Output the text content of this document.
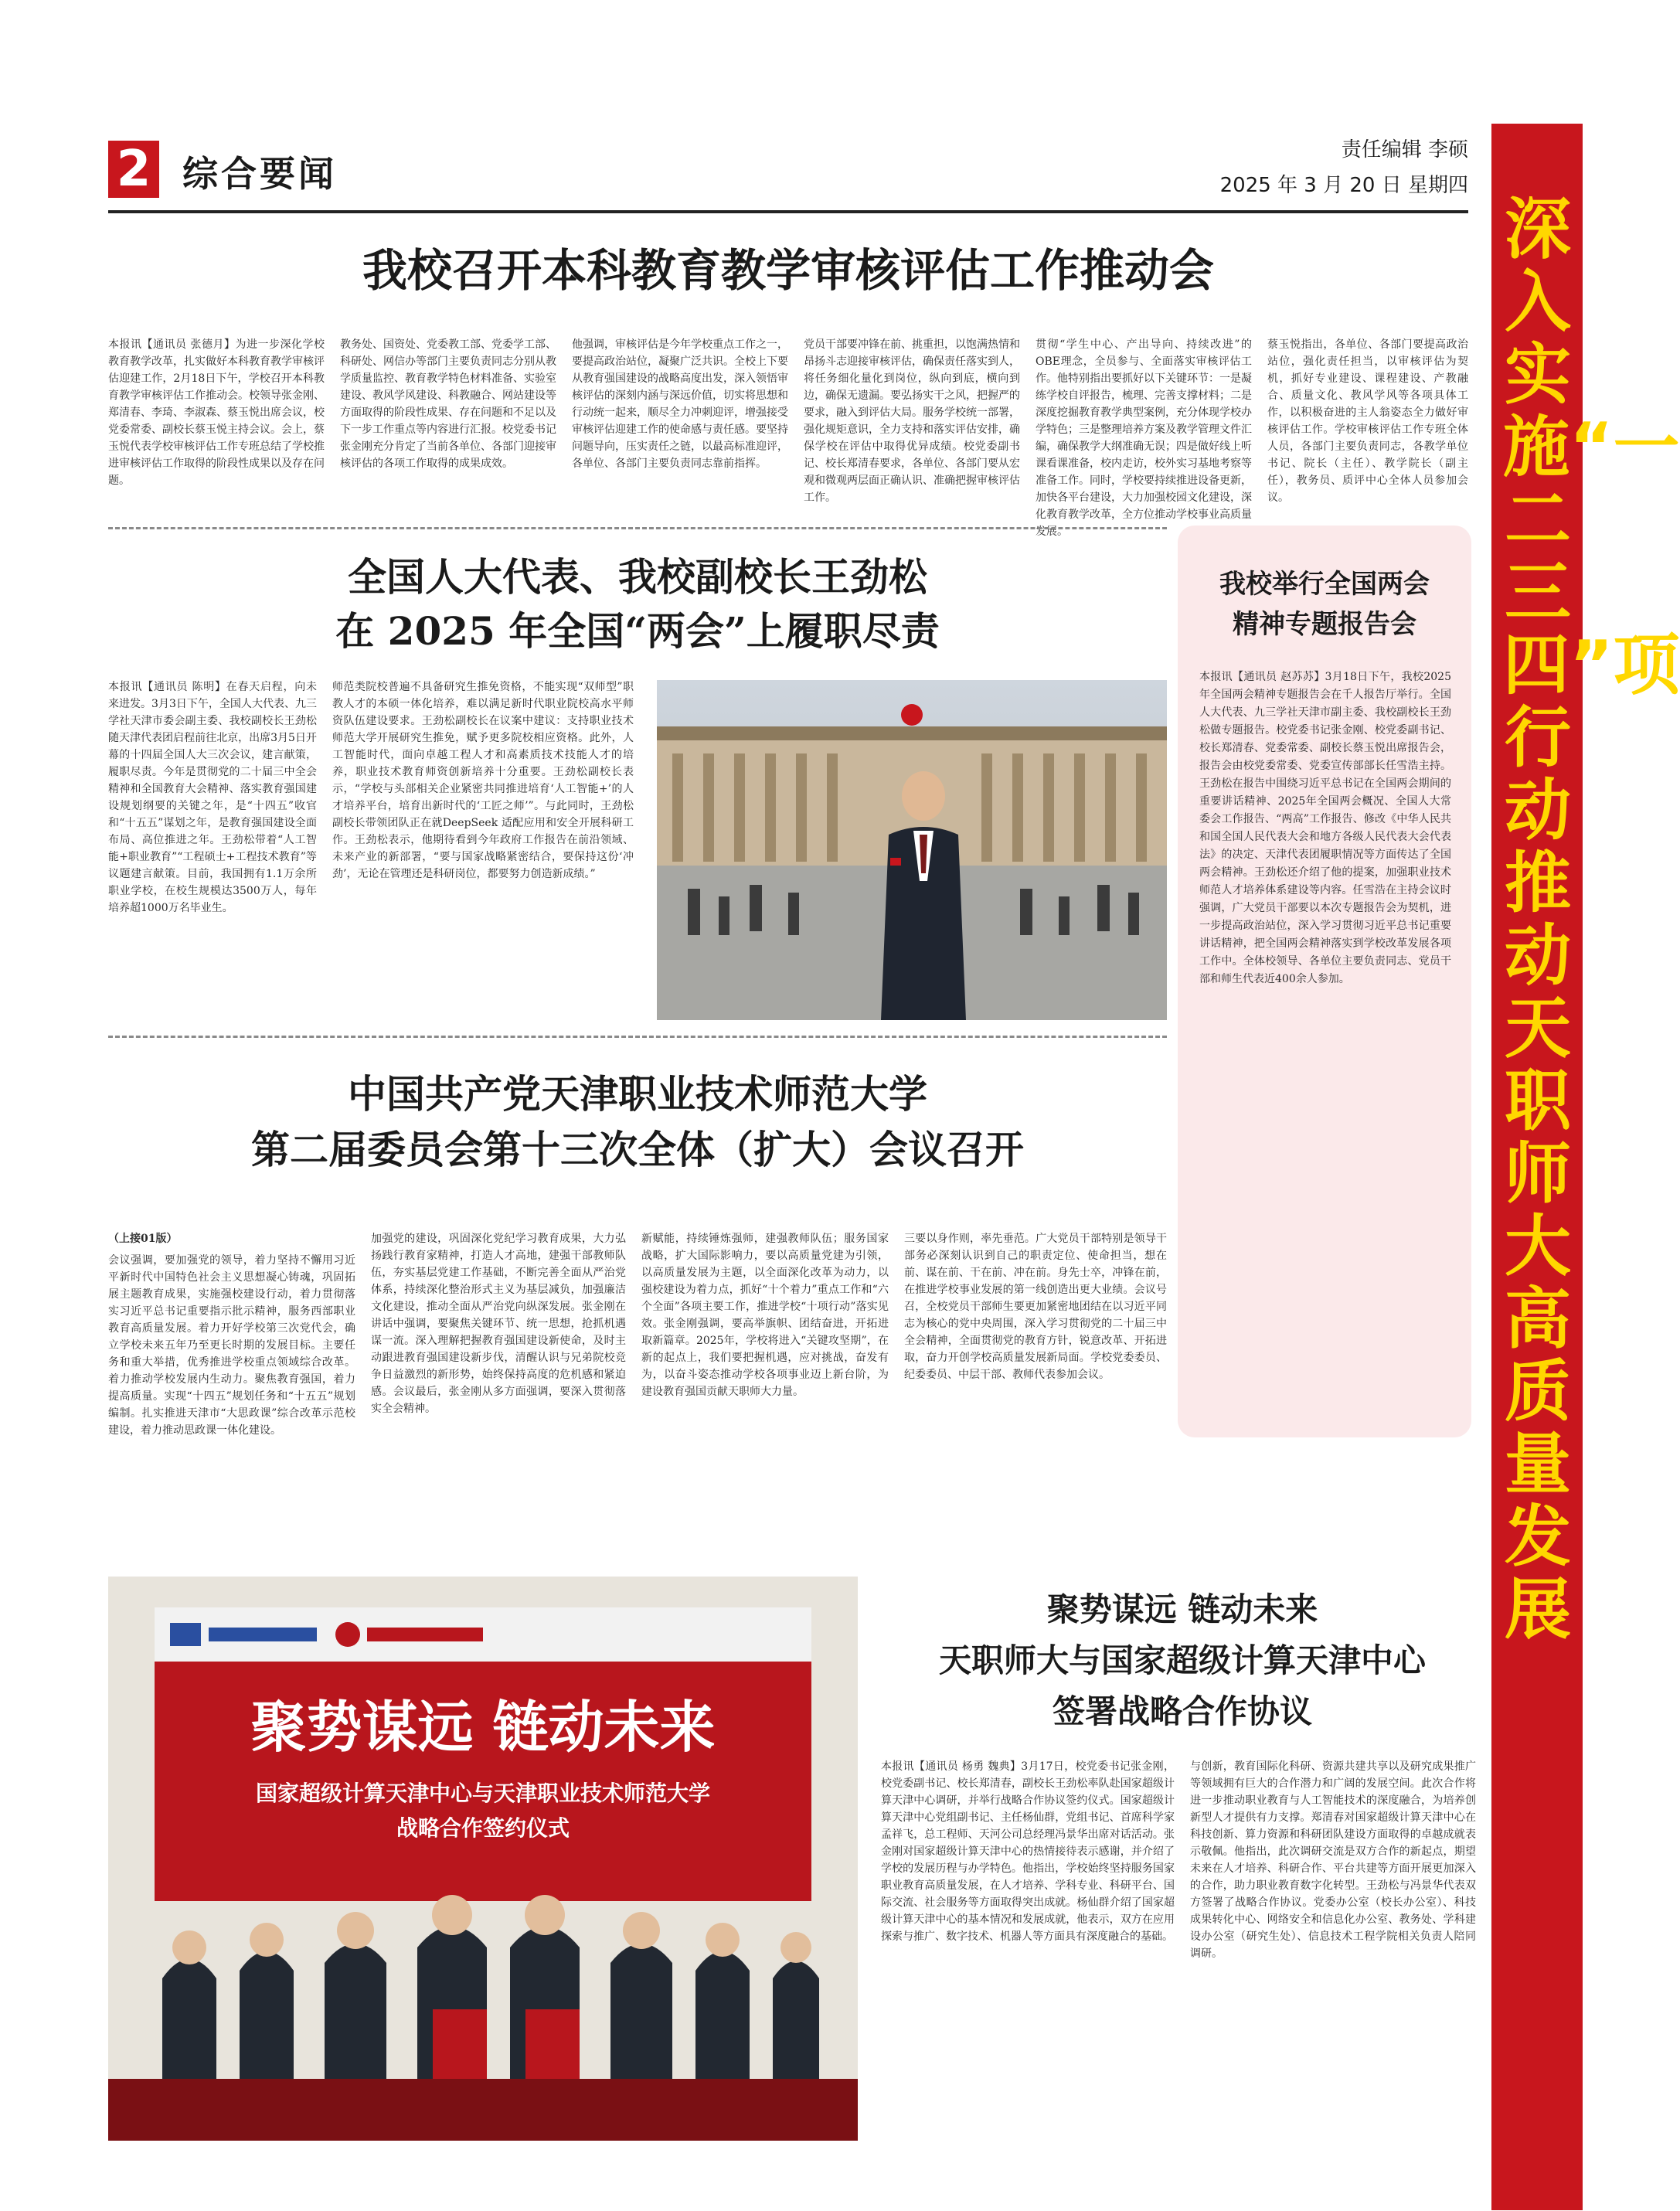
2 综合要闻
责任编辑 李硕
2025 年 3 月 20 日 星期四
深入实施“一二三四”项行动 推动天职师大高质量发展
我校召开本科教育教学审核评估工作推动会
本报讯【通讯员 张德月】为进一步深化学校教育教学改革，扎实做好本科教育教学审核评估迎建工作，2月18日下午，学校召开本科教育教学审核评估工作推动会。校领导张金刚、郑清春、李琦、李淑森、蔡玉悦出席会议，校党委常委、副校长蔡玉悦主持会议。会上，蔡玉悦代表学校审核评估工作专班总结了学校推进审核评估工作取得的阶段性成果以及存在问题。
教务处、国资处、党委教工部、党委学工部、科研处、网信办等部门主要负责同志分别从教学质量监控、教育教学特色材料准备、实验室建设、教风学风建设、科教融合、网站建设等方面取得的阶段性成果、存在问题和不足以及下一步工作重点等内容进行汇报。校党委书记张金刚充分肯定了当前各单位、各部门迎接审核评估的各项工作取得的成果成效。
他强调，审核评估是今年学校重点工作之一，要提高政治站位，凝聚广泛共识。全校上下要从教育强国建设的战略高度出发，深入领悟审核评估的深刻内涵与深远价值，切实将思想和行动统一起来，顺尽全力冲刺迎评，增强接受审核评估迎建工作的使命感与责任感。要坚持问题导向，压实责任之链，以最高标准迎评，各单位、各部门主要负责同志靠前指挥。
党员干部要冲锋在前、挑重担，以饱满热情和昂扬斗志迎接审核评估，确保责任落实到人，将任务细化量化到岗位，纵向到底，横向到边，确保无遗漏。要弘扬实干之风，把握严的要求，融入到评估大局。服务学校统一部署，强化规矩意识，全力支持和落实评估安排，确保学校在评估中取得优异成绩。校党委副书记、校长郑清春要求，各单位、各部门要从宏观和微观两层面正确认识、准确把握审核评估工作。
贯彻“学生中心、产出导向、持续改进”的OBE理念，全员参与、全面落实审核评估工作。他特别指出要抓好以下关键环节：一是凝练学校自评报告，梳理、完善支撑材料；二是深度挖掘教育教学典型案例，充分体现学校办学特色；三是整理培养方案及教学管理文件汇编，确保教学大纲准确无误；四是做好线上听课看课准备，校内走访，校外实习基地考察等准备工作。同时，学校要持续推进设备更新，加快各平台建设，大力加强校园文化建设，深化教育教学改革，全方位推动学校事业高质量发展。
蔡玉悦指出，各单位、各部门要提高政治站位，强化责任担当，以审核评估为契机，抓好专业建设、课程建设、产教融合、质量文化、教风学风等各项具体工作，以积极奋进的主人翁姿态全力做好审核评估工作。学校审核评估工作专班全体人员，各部门主要负责同志，各教学单位书记、院长（主任）、教学院长（副主任），教务员、质评中心全体人员参加会议。
全国人大代表、我校副校长王劲松
在 2025 年全国“两会”上履职尽责
本报讯【通讯员 陈明】在春天启程，向未来进发。3月3日下午，全国人大代表、九三学社天津市委会副主委、我校副校长王劲松随天津代表团启程前往北京，出席3月5日开幕的十四届全国人大三次会议，建言献策，履职尽责。今年是贯彻党的二十届三中全会精神和全国教育大会精神、落实教育强国建设规划纲要的关键之年，是“十四五”收官和“十五五”谋划之年，是教育强国建设全面布局、高位推进之年。王劲松带着“人工智能+职业教育”“工程硕士+工程技术教育”等议题建言献策。目前，我国拥有1.1万余所职业学校，在校生规模达3500万人，每年培养超1000万名毕业生。
师范类院校普遍不具备研究生推免资格，不能实现“双师型”职教人才的本硕一体化培养，难以满足新时代职业院校高水平师资队伍建设要求。王劲松副校长在议案中建议：支持职业技术师范大学开展研究生推免，赋予更多院校相应资格。此外，人工智能时代，面向卓越工程人才和高素质技术技能人才的培养，职业技术教育师资创新培养十分重要。王劲松副校长表示，“学校与头部相关企业紧密共同推进培育‘人工智能+’的人才培养平台，培育出新时代的‘工匠之师’”。与此同时，王劲松副校长带领团队正在就DeepSeek 适配应用和安全开展科研工作。王劲松表示，他期待看到今年政府工作报告在前沿领域、未来产业的新部署，“要与国家战略紧密结合，要保持这份‘冲劲’，无论在管理还是科研岗位，都要努力创造新成绩。”
中国共产党天津职业技术师范大学
第二届委员会第十三次全体（扩大）会议召开
（上接01版）
会议强调，要加强党的领导，着力坚持不懈用习近平新时代中国特色社会主义思想凝心铸魂，巩固拓展主题教育成果，实施强校建设行动，着力贯彻落实习近平总书记重要指示批示精神，服务西部职业教育高质量发展。着力开好学校第三次党代会，确立学校未来五年乃至更长时期的发展目标。主要任务和重大举措，优秀推进学校重点领域综合改革。着力推动学校发展内生动力。聚焦教育强国，着力提高质量。实现“十四五”规划任务和“十五五”规划编制。扎实推进天津市“大思政课”综合改革示范校建设，着力推动思政课一体化建设。
加强党的建设，巩固深化党纪学习教育成果，大力弘扬践行教育家精神，打造人才高地，建强干部教师队伍，夯实基层党建工作基础，不断完善全面从严治党体系，持续深化整治形式主义为基层减负，加强廉洁文化建设，推动全面从严治党向纵深发展。张金刚在讲话中强调，要聚焦关键环节、统一思想，抢抓机遇谋一流。深入理解把握教育强国建设新使命，及时主动跟进教育强国建设新步伐，清醒认识与兄弟院校竞争日益激烈的新形势，始终保持高度的危机感和紧迫感。会议最后，张金刚从多方面强调，要深入贯彻落实全会精神。
新赋能，持续锤炼强师，建强教师队伍；服务国家战略，扩大国际影响力，要以高质量党建为引领，以高质量发展为主题，以全面深化改革为动力，以强校建设为着力点，抓好“十个着力”重点工作和“六个全面”各项主要工作，推进学校“十项行动”落实见效。张金刚强调，要高举旗帜、团结奋进，开拓进取新篇章。2025年，学校将进入“关键攻坚期”，在新的起点上，我们要把握机遇，应对挑战，奋发有为，以奋斗姿态推动学校各项事业迈上新台阶，为建设教育强国贡献天职师大力量。
三要以身作则，率先垂范。广大党员干部特别是领导干部务必深刻认识到自己的职责定位、使命担当，想在前、谋在前、干在前、冲在前。身先士卒，冲锋在前，在推进学校事业发展的第一线创造出更大业绩。会议号召，全校党员干部师生要更加紧密地团结在以习近平同志为核心的党中央周围，深入学习贯彻党的二十届三中全会精神，全面贯彻党的教育方针，锐意改革、开拓进取，奋力开创学校高质量发展新局面。学校党委委员、纪委委员、中层干部、教师代表参加会议。
我校举行全国两会
精神专题报告会
本报讯【通讯员 赵苏苏】3月18日下午，我校2025年全国两会精神专题报告会在千人报告厅举行。全国人大代表、九三学社天津市副主委、我校副校长王劲松做专题报告。校党委书记张金刚、校党委副书记、校长郑清春、党委常委、副校长蔡玉悦出席报告会，报告会由校党委常委、党委宣传部部长任雪浩主持。王劲松在报告中围绕习近平总书记在全国两会期间的重要讲话精神、2025年全国两会概况、全国人大常委会工作报告、“两高”工作报告、修改《中华人民共和国全国人民代表大会和地方各级人民代表大会代表法》的决定、天津代表团履职情况等方面传达了全国两会精神。王劲松还介绍了他的提案，加强职业技术师范人才培养体系建设等内容。任雪浩在主持会议时强调，广大党员干部要以本次专题报告会为契机，进一步提高政治站位，深入学习贯彻习近平总书记重要讲话精神，把全国两会精神落实到学校改革发展各项工作中。全体校领导、各单位主要负责同志、党员干部和师生代表近400余人参加。
聚势谋远 链动未来
国家超级计算天津中心与天津职业技术师范大学
战略合作签约仪式
聚势谋远 链动未来
天职师大与国家超级计算天津中心
签署战略合作协议
本报讯【通讯员 杨勇 魏典】3月17日，校党委书记张金刚，校党委副书记、校长郑清春，副校长王劲松率队赴国家超级计算天津中心调研，并举行战略合作协议签约仪式。国家超级计算天津中心党组副书记、主任杨仙群，党组书记、首席科学家孟祥飞，总工程师、天河公司总经理冯景华出席对话活动。张金刚对国家超级计算天津中心的热情接待表示感谢，并介绍了学校的发展历程与办学特色。他指出，学校始终坚持服务国家职业教育高质量发展，在人才培养、学科专业、科研平台、国际交流、社会服务等方面取得突出成就。杨仙群介绍了国家超级计算天津中心的基本情况和发展成就，他表示，双方在应用探索与推广、数字技术、机器人等方面具有深度融合的基础。
与创新，教育国际化科研、资源共建共享以及研究成果推广等领域拥有巨大的合作潜力和广阔的发展空间。此次合作将进一步推动职业教育与人工智能技术的深度融合，为培养创新型人才提供有力支撑。郑清春对国家超级计算天津中心在科技创新、算力资源和科研团队建设方面取得的卓越成就表示敬佩。他指出，此次调研交流是双方合作的新起点，期望未来在人才培养、科研合作、平台共建等方面开展更加深入的合作，助力职业教育数字化转型。王劲松与冯景华代表双方签署了战略合作协议。党委办公室（校长办公室）、科技成果转化中心、网络安全和信息化办公室、教务处、学科建设办公室（研究生处）、信息技术工程学院相关负责人陪同调研。
